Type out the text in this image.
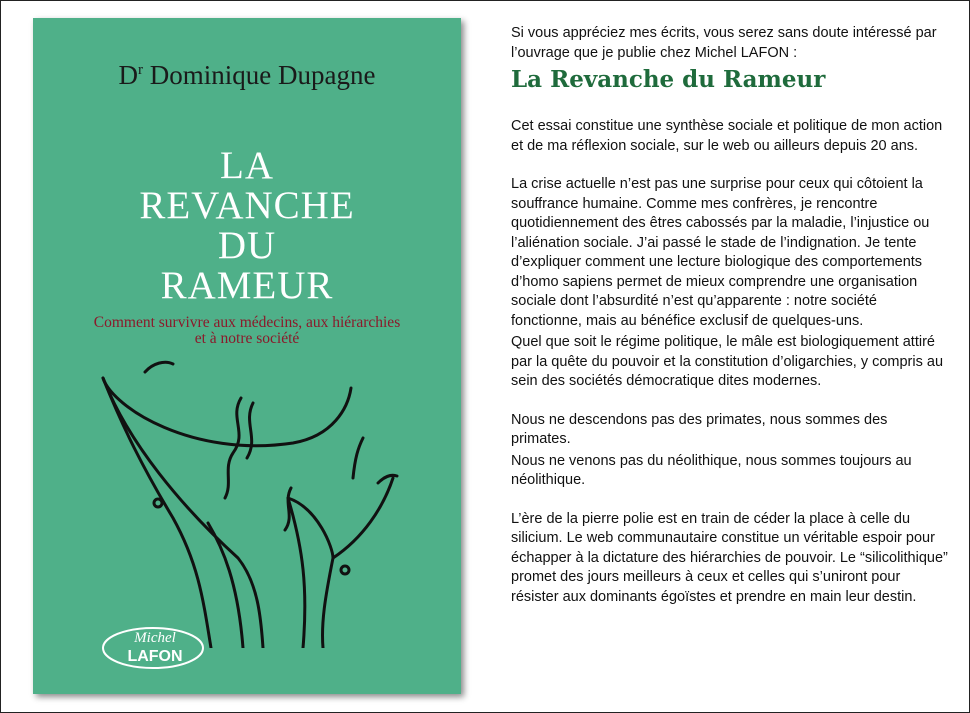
$D^r$ Dominique Dupagne
LA
REVANCHE
DU
RAMEUR
Comment survivre aux médecins, aux hiérarchies
et à notre société
Michel
LAFON

Si vous appréciez mes écrits, vous serez sans doute intéressé par l’ouvrage que je publie chez Michel LAFON :

La Revanche du Rameur

Cet essai constitue une synthèse sociale et politique de mon action et de ma réflexion sociale, sur le web ou ailleurs depuis 20 ans.

La crise actuelle n’est pas une surprise pour ceux qui côtoient la souffrance humaine. Comme mes confrères, je rencontre quotidiennement des êtres cabossés par la maladie, l’injustice ou l’aliénation sociale. J’ai passé le stade de l’indignation. Je tente d’expliquer comment une lecture biologique des comportements d’homo sapiens permet de mieux comprendre une organisation sociale dont l’absurdité n’est qu’apparente : notre société fonctionne, mais au bénéfice exclusif de quelques-uns.

Quel que soit le régime politique, le mâle est biologiquement attiré par la quête du pouvoir et la constitution d’oligarchies, y compris au sein des sociétés démocratique dites modernes.

Nous ne descendons pas des primates, nous sommes des primates.

Nous ne venons pas du néolithique, nous sommes toujours au néolithique.

L’ère de la pierre polie est en train de céder la place à celle du silicium. Le web communautaire constitue un véritable espoir pour échapper à la dictature des hiérarchies de pouvoir. Le “silicolithique” promet des jours meilleurs à ceux et celles qui s’uniront pour résister aux dominants égoïstes et prendre en main leur destin.
